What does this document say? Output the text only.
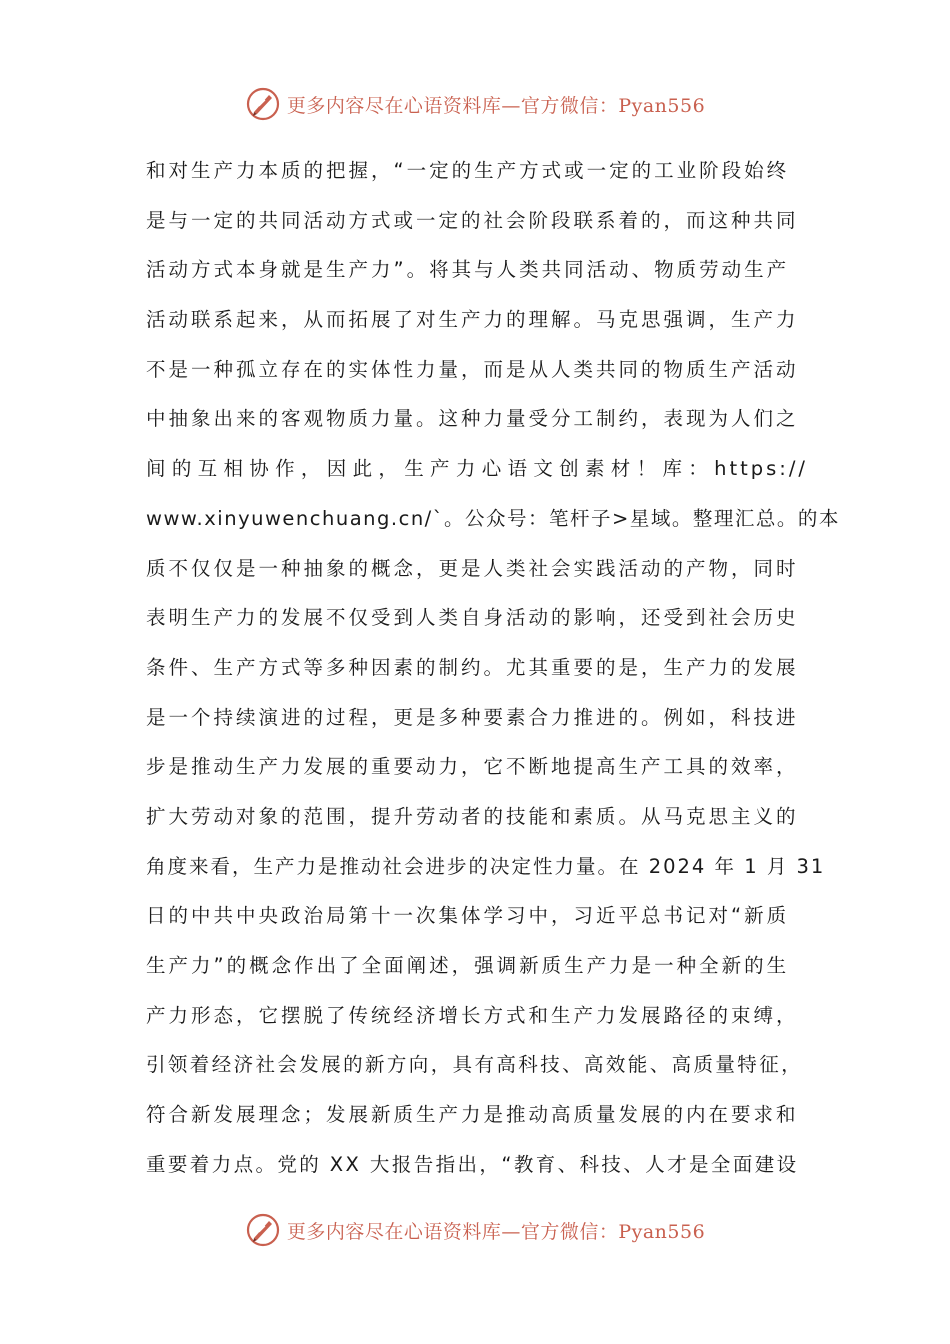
更多内容尽在心语资料库—官方微信：Pyan556
和对生产力本质的把握，“一定的生产方式或一定的工业阶段始终
是与一定的共同活动方式或一定的社会阶段联系着的，而这种共同
活动方式本身就是生产力”。将其与人类共同活动、物质劳动生产
活动联系起来，从而拓展了对生产力的理解。马克思强调，生产力
不是一种孤立存在的实体性力量，而是从人类共同的物质生产活动
中抽象出来的客观物质力量。这种力量受分工制约，表现为人们之
间的互相协作，因此，生产力心语文创素材！库：https://
www.xinyuwenchuang.cn/`。公众号：笔杆子>星域。整理汇总。的本
质不仅仅是一种抽象的概念，更是人类社会实践活动的产物，同时
表明生产力的发展不仅受到人类自身活动的影响，还受到社会历史
条件、生产方式等多种因素的制约。尤其重要的是，生产力的发展
是一个持续演进的过程，更是多种要素合力推进的。例如，科技进
步是推动生产力发展的重要动力，它不断地提高生产工具的效率，
扩大劳动对象的范围，提升劳动者的技能和素质。从马克思主义的
角度来看，生产力是推动社会进步的决定性力量。在 2024 年 1 月 31
日的中共中央政治局第十一次集体学习中，习近平总书记对“新质
生产力”的概念作出了全面阐述，强调新质生产力是一种全新的生
产力形态，它摆脱了传统经济增长方式和生产力发展路径的束缚，
引领着经济社会发展的新方向，具有高科技、高效能、高质量特征，
符合新发展理念；发展新质生产力是推动高质量发展的内在要求和
重要着力点。党的 XX 大报告指出，“教育、科技、人才是全面建设
更多内容尽在心语资料库—官方微信：Pyan556
